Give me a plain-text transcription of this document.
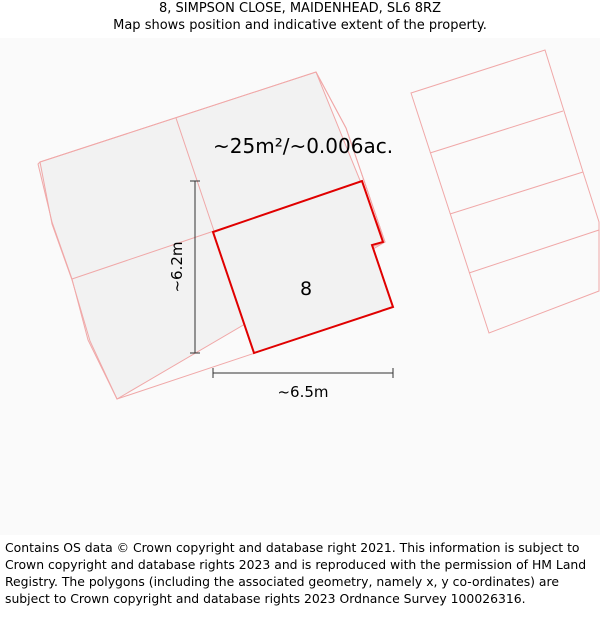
8, SIMPSON CLOSE, MAIDENHEAD, SL6 8RZ
Map shows position and indicative extent of the property.
~25m²/~0.006ac.
8
~6.2m
~6.5m
Contains OS data © Crown copyright and database right 2021. This information is subject to Crown copyright and database rights 2023 and is reproduced with the permission of HM Land Registry. The polygons (including the associated geometry, namely x, y co-ordinates) are subject to Crown copyright and database rights 2023 Ordnance Survey 100026316.
